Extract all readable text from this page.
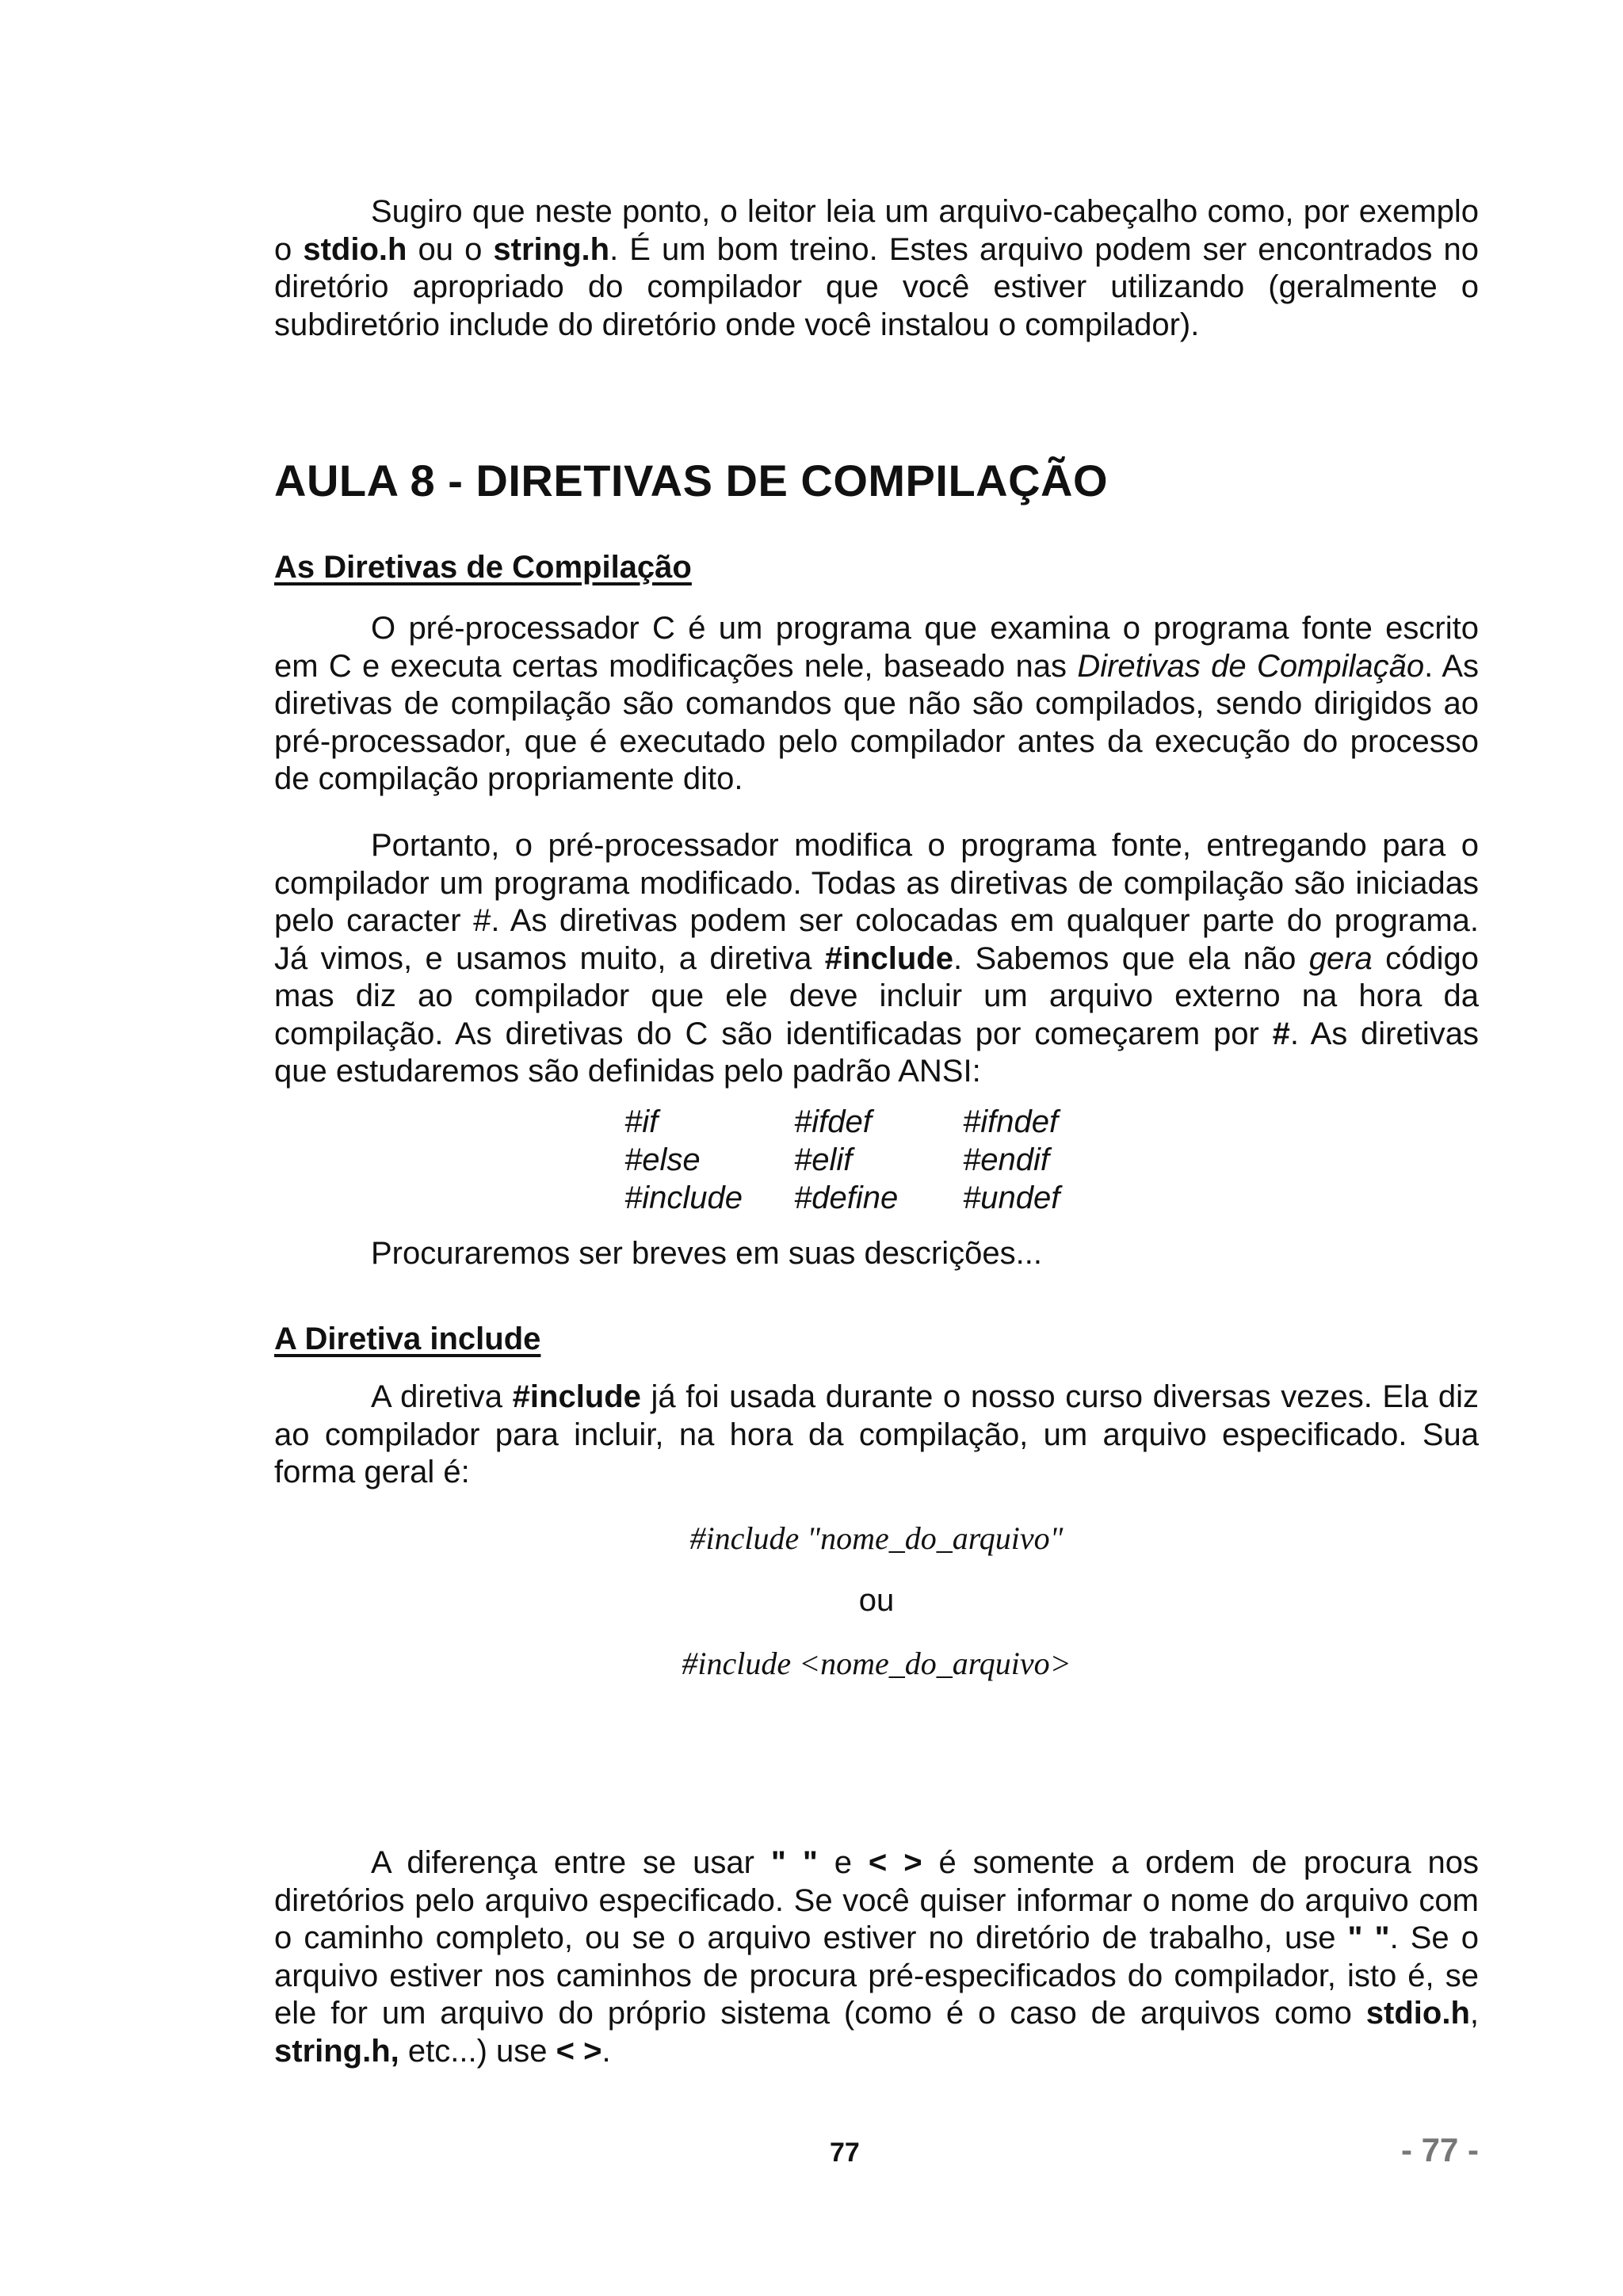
Sugiro que neste ponto, o leitor leia um arquivo-cabeçalho como, por exemplo o stdio.h ou o string.h. É um bom treino. Estes arquivo podem ser encontrados no diretório apropriado do compilador que você estiver utilizando (geralmente o subdiretório include do diretório onde você instalou o compilador).

AULA 8 - DIRETIVAS DE COMPILAÇÃO
As Diretivas de Compilação

O pré-processador C é um programa que examina o programa fonte escrito em C e executa certas modificações nele, baseado nas Diretivas de Compilação. As diretivas de compilação são comandos que não são compilados, sendo dirigidos ao pré-processador, que é executado pelo compilador antes da execução do processo de compilação propriamente dito.

Portanto, o pré-processador modifica o programa fonte, entregando para o compilador um programa modificado. Todas as diretivas de compilação são iniciadas pelo caracter #. As diretivas podem ser colocadas em qualquer parte do programa. Já vimos, e usamos muito, a diretiva #include. Sabemos que ela não gera código mas diz ao compilador que ele deve incluir um arquivo externo na hora da compilação. As diretivas do C são identificadas por começarem por #. As diretivas que estudaremos são definidas pelo padrão ANSI:

#if	#ifdef	#ifndef
#else	#elif	#endif
#include	#define	#undef

Procuraremos ser breves em suas descrições...

A Diretiva include

A diretiva #include já foi usada durante o nosso curso diversas vezes. Ela diz ao compilador para incluir, na hora da compilação, um arquivo especificado. Sua forma geral é:

#include "nome_do_arquivo"

ou

#include <nome_do_arquivo>

A diferença entre se usar " " e < > é somente a ordem de procura nos diretórios pelo arquivo especificado. Se você quiser informar o nome do arquivo com o caminho completo, ou se o arquivo estiver no diretório de trabalho, use " ". Se o arquivo estiver nos caminhos de procura pré-especificados do compilador, isto é, se ele for um arquivo do próprio sistema (como é o caso de arquivos como stdio.h, string.h, etc...) use < >.

77	- 77 -
